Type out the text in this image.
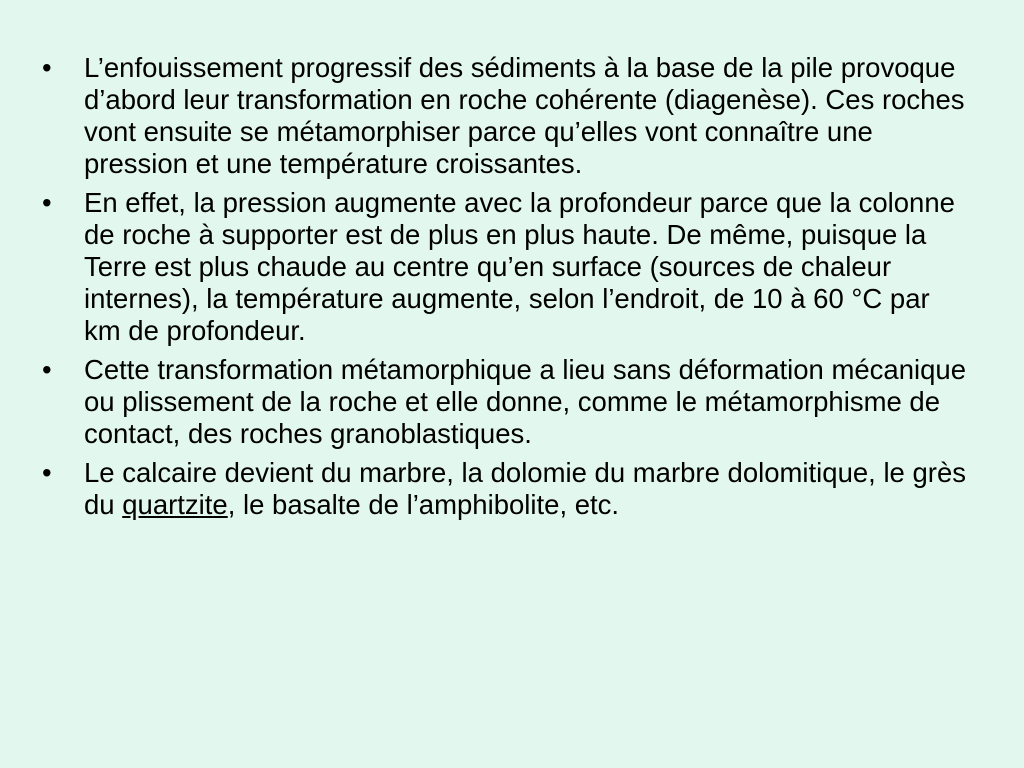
•	L’enfouissement progressif des sédiments à la base de la pile provoque d’abord leur transformation en roche cohérente (diagenèse). Ces roches vont ensuite se métamorphiser parce qu’elles vont connaître une pression et une température croissantes.
•	En effet, la pression augmente avec la profondeur parce que la colonne de roche à supporter est de plus en plus haute. De même, puisque la Terre est plus chaude au centre qu’en surface (sources de chaleur internes), la température augmente, selon l’endroit, de 10 à 60 °C par km de profondeur.
•	Cette transformation métamorphique a lieu sans déformation mécanique ou plissement de la roche et elle donne, comme le métamorphisme de contact, des roches granoblastiques.
•	Le calcaire devient du marbre, la dolomie du marbre dolomitique, le grès du quartzite, le basalte de l’amphibolite, etc.
